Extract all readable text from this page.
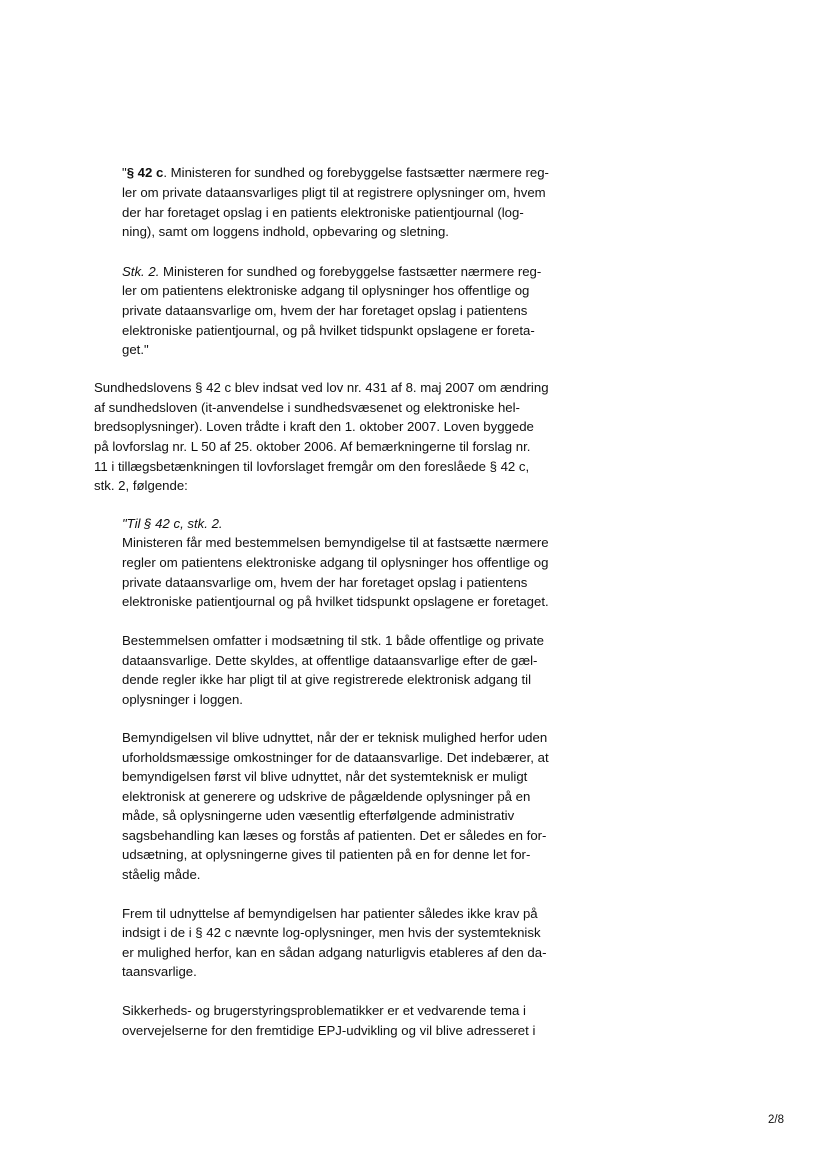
"§ 42 c. Ministeren for sundhed og forebyggelse fastsætter nærmere reg-

ler om private dataansvarliges pligt til at registrere oplysninger om, hvem

der har foretaget opslag i en patients elektroniske patientjournal (log-

ning), samt om loggens indhold, opbevaring og sletning.

Stk. 2. Ministeren for sundhed og forebyggelse fastsætter nærmere reg-

ler om patientens elektroniske adgang til oplysninger hos offentlige og

private dataansvarlige om, hvem der har foretaget opslag i patientens

elektroniske patientjournal, og på hvilket tidspunkt opslagene er foreta-

get."

Sundhedslovens § 42 c blev indsat ved lov nr. 431 af 8. maj 2007 om ændring

af sundhedsloven (it-anvendelse i sundhedsvæsenet og elektroniske hel-

bredsoplysninger). Loven trådte i kraft den 1. oktober 2007. Loven byggede

på lovforslag nr. L 50 af 25. oktober 2006. Af bemærkningerne til forslag nr.

11 i tillægsbetænkningen til lovforslaget fremgår om den foreslåede § 42 c,

stk. 2, følgende:

"Til § 42 c, stk. 2.

Ministeren får med bestemmelsen bemyndigelse til at fastsætte nærmere

regler om patientens elektroniske adgang til oplysninger hos offentlige og

private dataansvarlige om, hvem der har foretaget opslag i patientens

elektroniske patientjournal og på hvilket tidspunkt opslagene er foretaget.

Bestemmelsen omfatter i modsætning til stk. 1 både offentlige og private

dataansvarlige. Dette skyldes, at offentlige dataansvarlige efter de gæl-

dende regler ikke har pligt til at give registrerede elektronisk adgang til

oplysninger i loggen.

Bemyndigelsen vil blive udnyttet, når der er teknisk mulighed herfor uden

uforholdsmæssige omkostninger for de dataansvarlige. Det indebærer, at

bemyndigelsen først vil blive udnyttet, når det systemteknisk er muligt

elektronisk at generere og udskrive de pågældende oplysninger på en

måde, så oplysningerne uden væsentlig efterfølgende administrativ

sagsbehandling kan læses og forstås af patienten. Det er således en for-

udsætning, at oplysningerne gives til patienten på en for denne let for-

ståelig måde.

Frem til udnyttelse af bemyndigelsen har patienter således ikke krav på

indsigt i de i § 42 c nævnte log-oplysninger, men hvis der systemteknisk

er mulighed herfor, kan en sådan adgang naturligvis etableres af den da-

taansvarlige.

Sikkerheds- og brugerstyringsproblematikker er et vedvarende tema i

overvejelserne for den fremtidige EPJ-udvikling og vil blive adresseret i

2/8
